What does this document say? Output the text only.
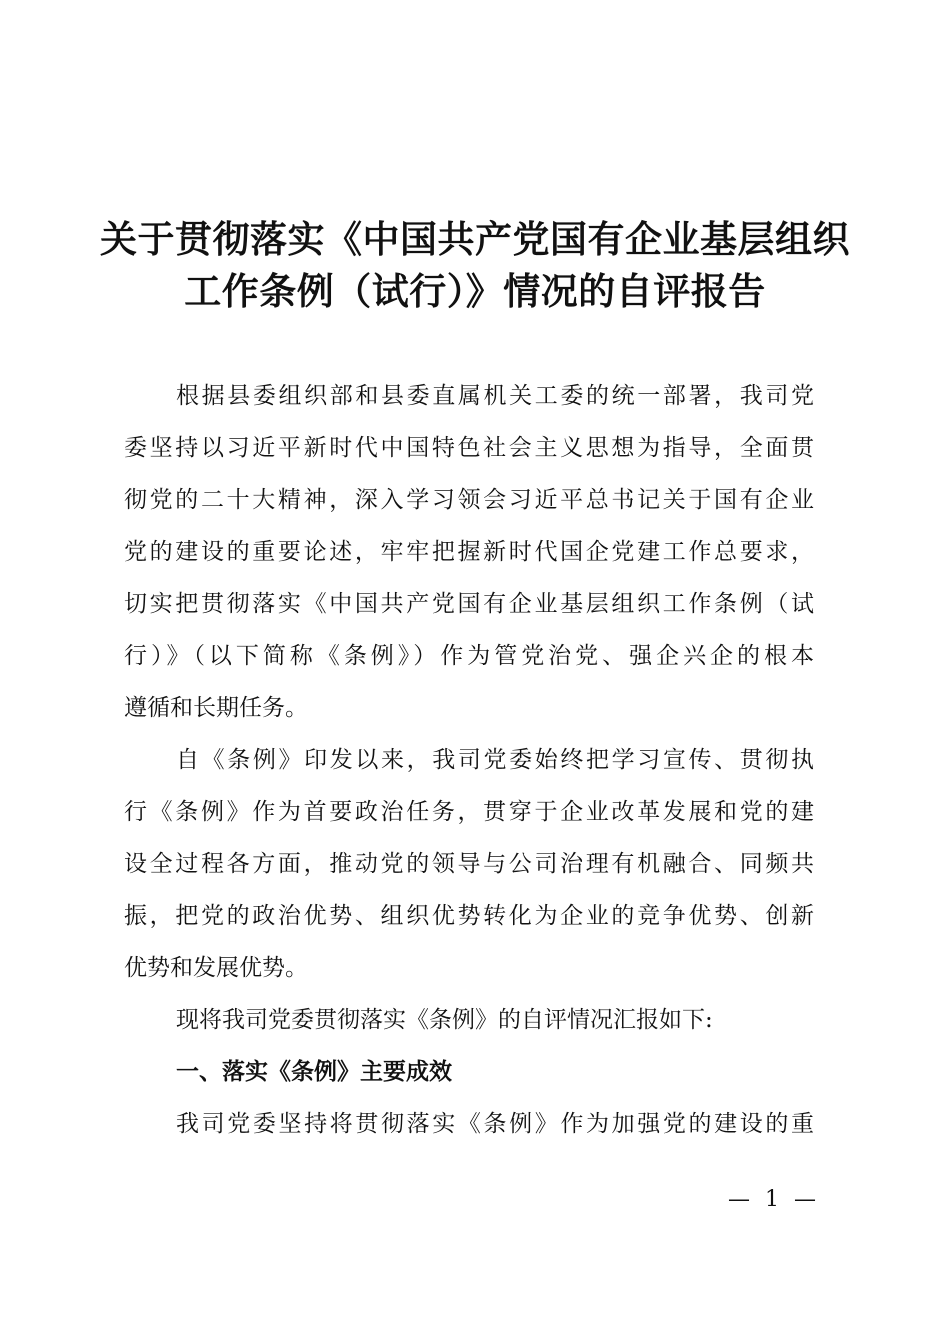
关于贯彻落实《中国共产党国有企业基层组织
工作条例（试行）》情况的自评报告
根据县委组织部和县委直属机关工委的统一部署，我司党
委坚持以习近平新时代中国特色社会主义思想为指导，全面贯
彻党的二十大精神，深入学习领会习近平总书记关于国有企业
党的建设的重要论述，牢牢把握新时代国企党建工作总要求，
切实把贯彻落实《中国共产党国有企业基层组织工作条例（试
行）》（以下简称《条例》）作为管党治党、强企兴企的根本
遵循和长期任务。
自《条例》印发以来，我司党委始终把学习宣传、贯彻执
行《条例》作为首要政治任务，贯穿于企业改革发展和党的建
设全过程各方面，推动党的领导与公司治理有机融合、同频共
振，把党的政治优势、组织优势转化为企业的竞争优势、创新
优势和发展优势。
现将我司党委贯彻落实《条例》的自评情况汇报如下:
一、落实《条例》主要成效
我司党委坚持将贯彻落实《条例》作为加强党的建设的重
— 1 —
